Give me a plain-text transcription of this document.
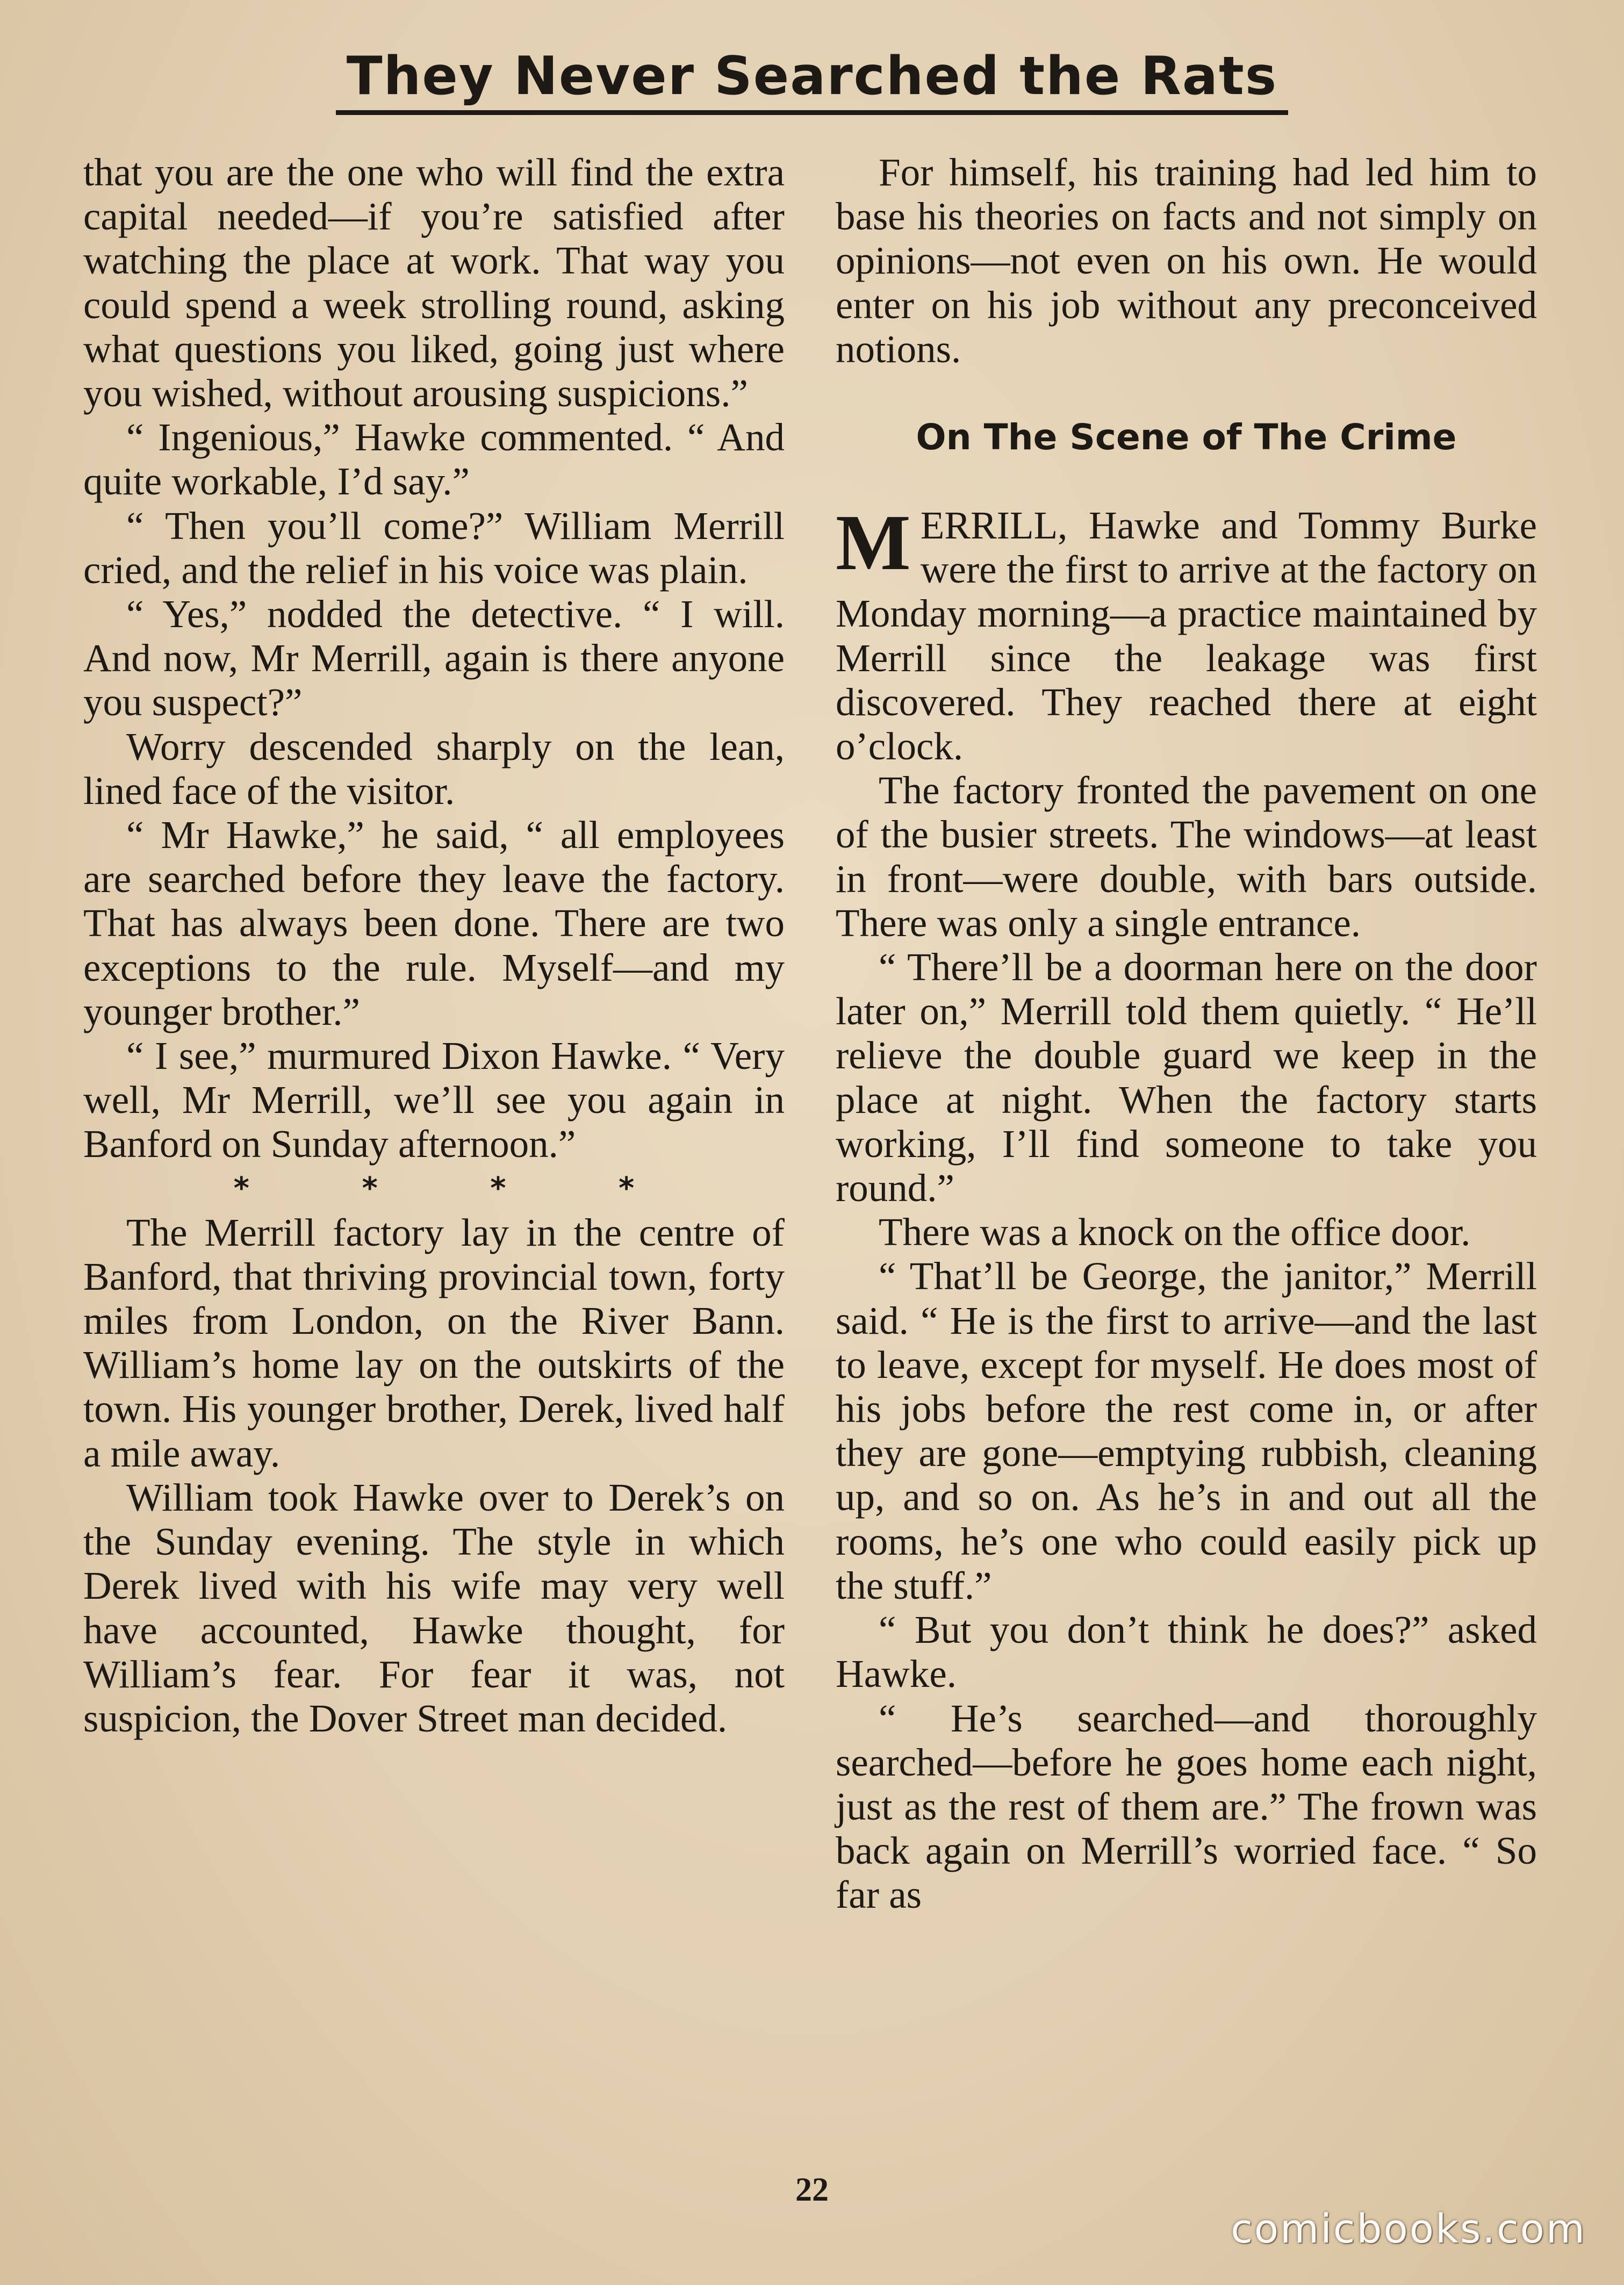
They Never Searched the Rats

that you are the one who will find the extra capital needed—if you’re satisfied after watching the place at work. That way you could spend a week strolling round, asking what questions you liked, going just where you wished, without arousing suspicions.”

“ Ingenious,” Hawke commented. “ And quite workable, I’d say.”

“ Then you’ll come?” William Merrill cried, and the relief in his voice was plain.

“ Yes,” nodded the detective. “ I will. And now, Mr Merrill, again is there anyone you suspect?”

Worry descended sharply on the lean, lined face of the visitor.

“ Mr Hawke,” he said, “ all employees are searched before they leave the factory. That has always been done. There are two exceptions to the rule. Myself—and my younger brother.”

“ I see,” murmured Dixon Hawke. “ Very well, Mr Merrill, we’ll see you again in Banford on Sunday afternoon.”

* * * *

The Merrill factory lay in the centre of Banford, that thriving provincial town, forty miles from London, on the River Bann. William’s home lay on the outskirts of the town. His younger brother, Derek, lived half a mile away.

William took Hawke over to Derek’s on the Sunday evening. The style in which Derek lived with his wife may very well have accounted, Hawke thought, for William’s fear. For fear it was, not suspicion, the Dover Street man decided.

For himself, his training had led him to base his theories on facts and not simply on opinions—not even on his own. He would enter on his job without any preconceived notions.

On The Scene of The Crime

MERRILL, Hawke and Tommy Burke were the first to arrive at the factory on Monday morning—a practice maintained by Merrill since the leakage was first discovered. They reached there at eight o’clock.

The factory fronted the pavement on one of the busier streets. The windows—at least in front—were double, with bars outside. There was only a single entrance.

“ There’ll be a doorman here on the door later on,” Merrill told them quietly. “ He’ll relieve the double guard we keep in the place at night. When the factory starts working, I’ll find someone to take you round.”

There was a knock on the office door.

“ That’ll be George, the janitor,” Merrill said. “ He is the first to arrive—and the last to leave, except for myself. He does most of his jobs before the rest come in, or after they are gone—emptying rubbish, cleaning up, and so on. As he’s in and out all the rooms, he’s one who could easily pick up the stuff.”

“ But you don’t think he does?” asked Hawke.

“ He’s searched—and thoroughly searched—before he goes home each night, just as the rest of them are.” The frown was back again on Merrill’s worried face. “ So far as

22
comicbooks.com
